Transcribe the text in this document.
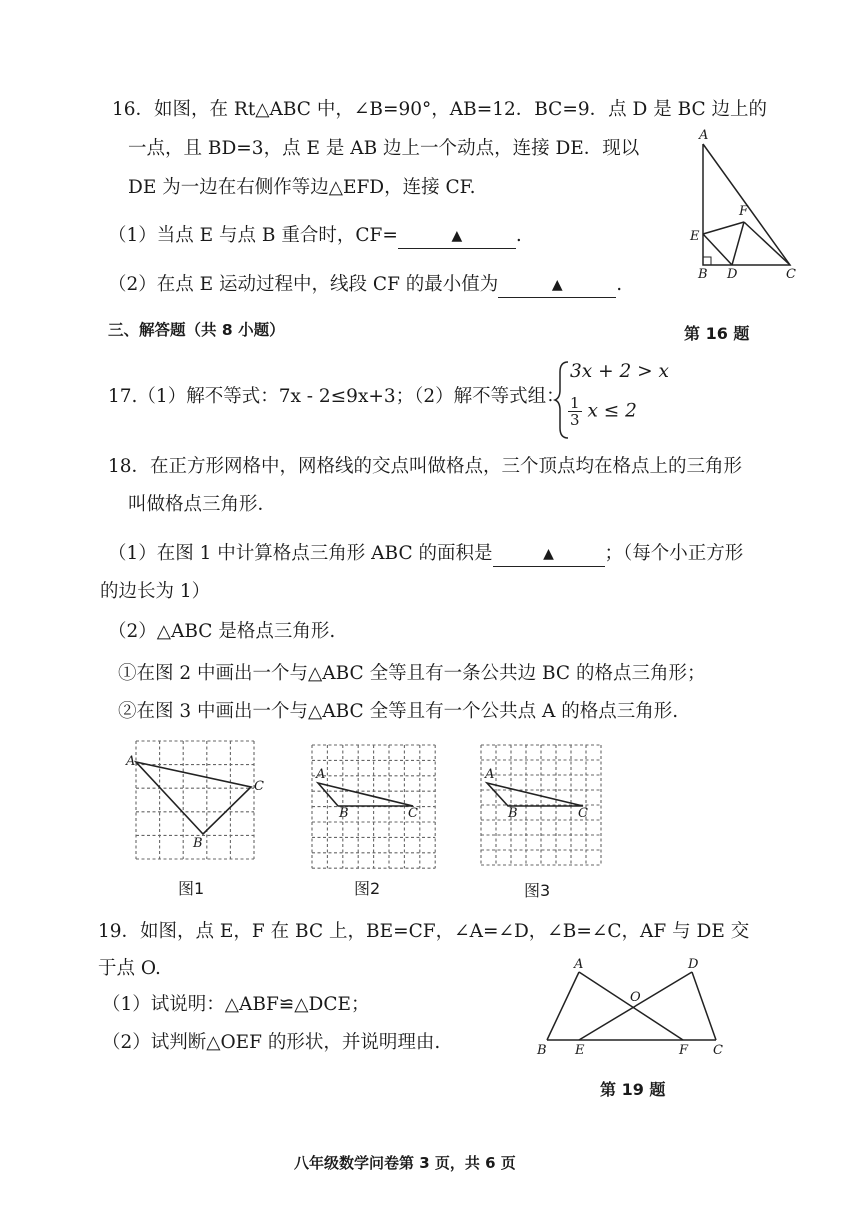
16．如图，在 Rt△ABC 中，∠B=90°，AB=12．BC=9．点 D 是 BC 边上的
一点，且 BD=3，点 E 是 AB 边上一个动点，连接 DE．现以
DE 为一边在右侧作等边△EFD，连接 CF.
（1）当点 E 与点 B 重合时，CF=	▲	.
（2）在点 E 运动过程中，线段 CF 的最小值为	▲	.
A
E
F
B D	C
第 16 题
三、解答题（共 8 小题）
17.（1）解不等式：7x - 2≤9x+3；（2）解不等式组：
3x + 2 > x
$\frac{1}{3}$ x ≤ 2
18．在正方形网格中，网格线的交点叫做格点，三个顶点均在格点上的三角形
叫做格点三角形．
（1）在图 1 中计算格点三角形 ABC 的面积是	▲	；（每个小正方形
的边长为 1）
（2）△ABC 是格点三角形.
①在图 2 中画出一个与△ABC 全等且有一条公共边 BC 的格点三角形；
②在图 3 中画出一个与△ABC 全等且有一个公共点 A 的格点三角形.
A
C
B
A
B	C
A
B	C
图1	图2	图3
19．如图，点 E，F 在 BC 上，BE=CF，∠A=∠D，∠B=∠C，AF 与 DE 交
于点 O.
（1）试说明：△ABF≌△DCE；
（2）试判断△OEF 的形状，并说明理由.
A	D
O
B E	F C
第 19 题
八年级数学问卷第 3 页，共 6 页
